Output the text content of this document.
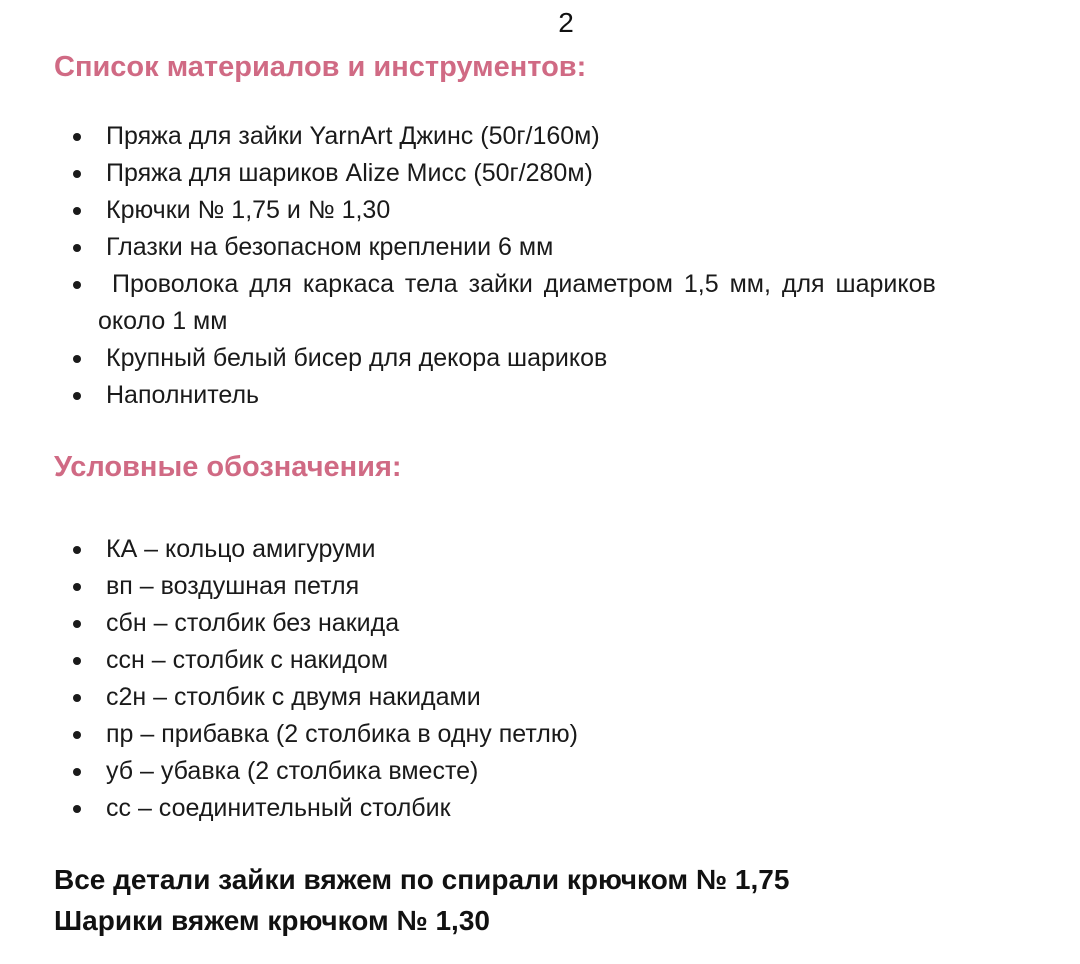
2
Список материалов и инструментов:
Пряжа для зайки YarnArt Джинс (50г/160м)
Пряжа для шариков Alize Мисс (50г/280м)
Крючки № 1,75 и № 1,30
Глазки на безопасном креплении 6 мм
Проволока для каркаса тела зайки диаметром 1,5 мм, для шариков
около 1 мм
Крупный белый бисер для декора шариков
Наполнитель
Условные обозначения:
КА – кольцо амигуруми
вп – воздушная петля
сбн – столбик без накида
ссн – столбик с накидом
с2н – столбик с двумя накидами
пр – прибавка (2 столбика в одну петлю)
уб – убавка (2 столбика вместе)
сс – соединительный столбик

Все детали зайки вяжем по спирали крючком № 1,75

Шарики вяжем крючком № 1,30
